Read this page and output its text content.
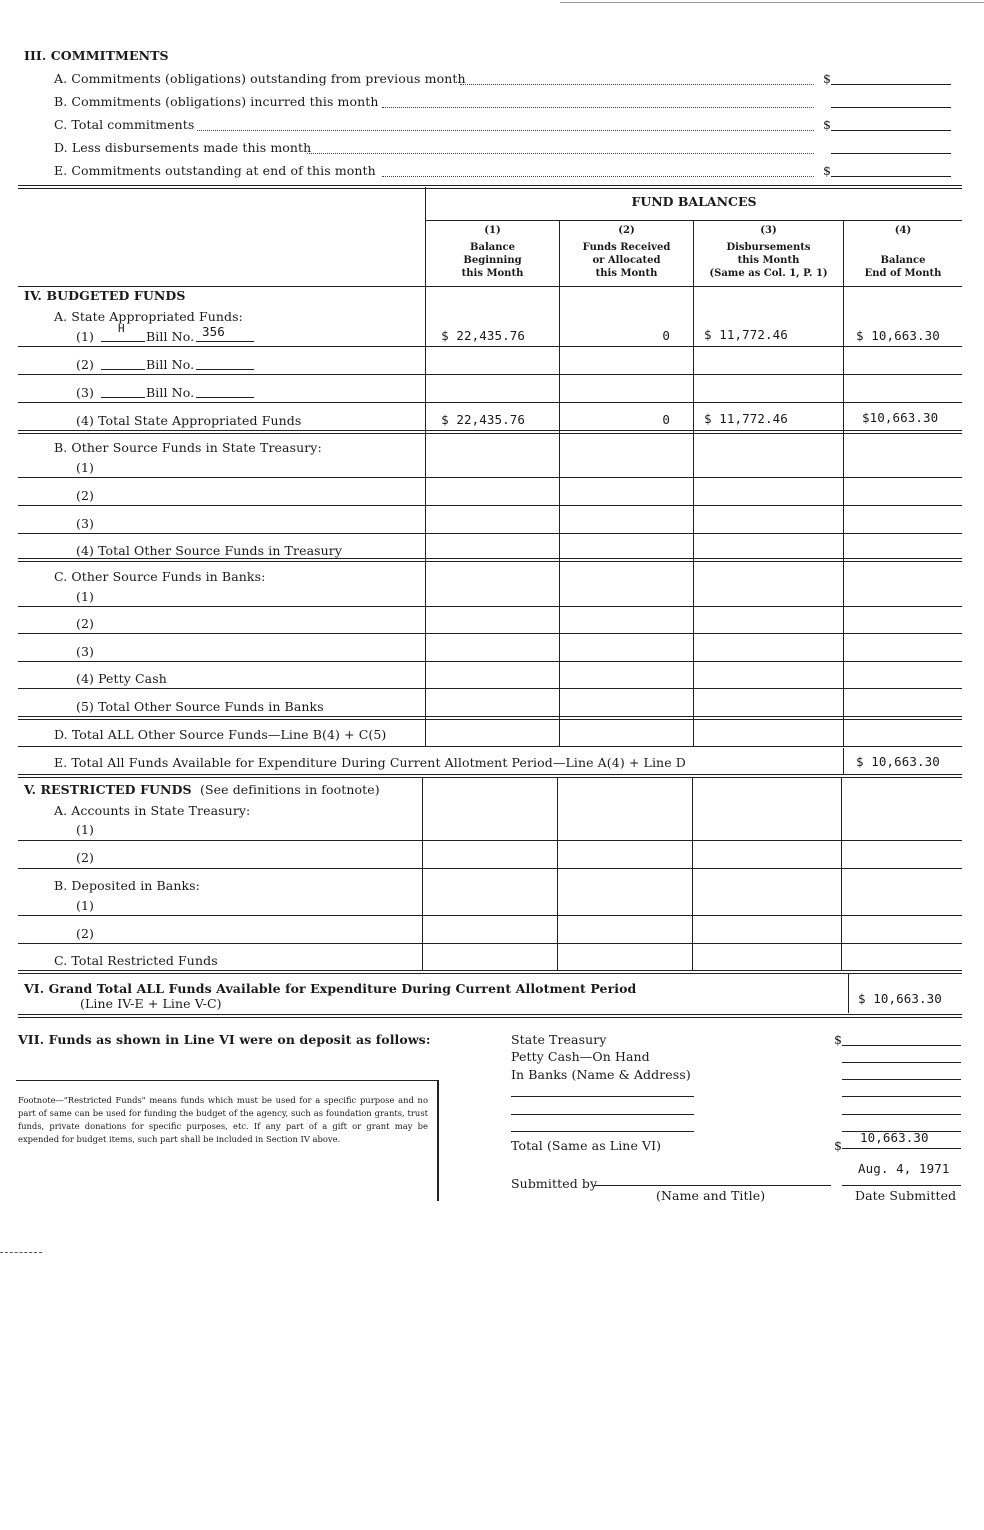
III. COMMITMENTS
A. Commitments (obligations) outstanding from previous month	$
B. Commitments (obligations) incurred this month
C. Total commitments	$
D. Less disbursements made this month
E. Commitments outstanding at end of this month	$
FUND BALANCES
(1)
Balance
Beginning
this Month
(2)
Funds Received
or Allocated
this Month
(3)
Disbursements
this Month
(Same as Col. 1, P. 1)
(4)
Balance
End of Month
IV. BUDGETED FUNDS
A. State Appropriated Funds:
(1)
H
Bill No. 356	$ 22,435.76	0	$ 11,772.46	$ 10,663.30
(2)	Bill No.
(3)	Bill No.
(4) Total State Appropriated Funds	$ 22,435.76	0	$ 11,772.46	$10,663.30
B. Other Source Funds in State Treasury:
(1)
(2)
(3)
(4) Total Other Source Funds in Treasury
C. Other Source Funds in Banks:
(1)
(2)
(3)
(4) Petty Cash
(5) Total Other Source Funds in Banks
D. Total ALL Other Source Funds—Line B(4) + C(5)
E. Total All Funds Available for Expenditure During Current Allotment Period—Line A(4) + Line D	$ 10,663.30
V. RESTRICTED FUNDS (See definitions in footnote)
A. Accounts in State Treasury:
(1)
(2)
B. Deposited in Banks:
(1)
(2)
C. Total Restricted Funds
VI. Grand Total ALL Funds Available for Expenditure During Current Allotment Period
(Line IV-E + Line V-C)	$ 10,663.30
VII. Funds as shown in Line VI were on deposit as follows:	State Treasury	$
Petty Cash—On Hand
In Banks (Name & Address)
Total (Same as Line VI)	$
10,663.30
Aug. 4, 1971
Submitted by
(Name and Title)	Date Submitted
Footnote—"Restricted Funds" means funds which must be used for a specific purpose and no part of same can be used for funding the budget of the agency, such as foundation grants, trust funds, private donations for specific purposes, etc. If any part of a gift or grant may be expended for budget items, such part shall be included in Section IV above.
